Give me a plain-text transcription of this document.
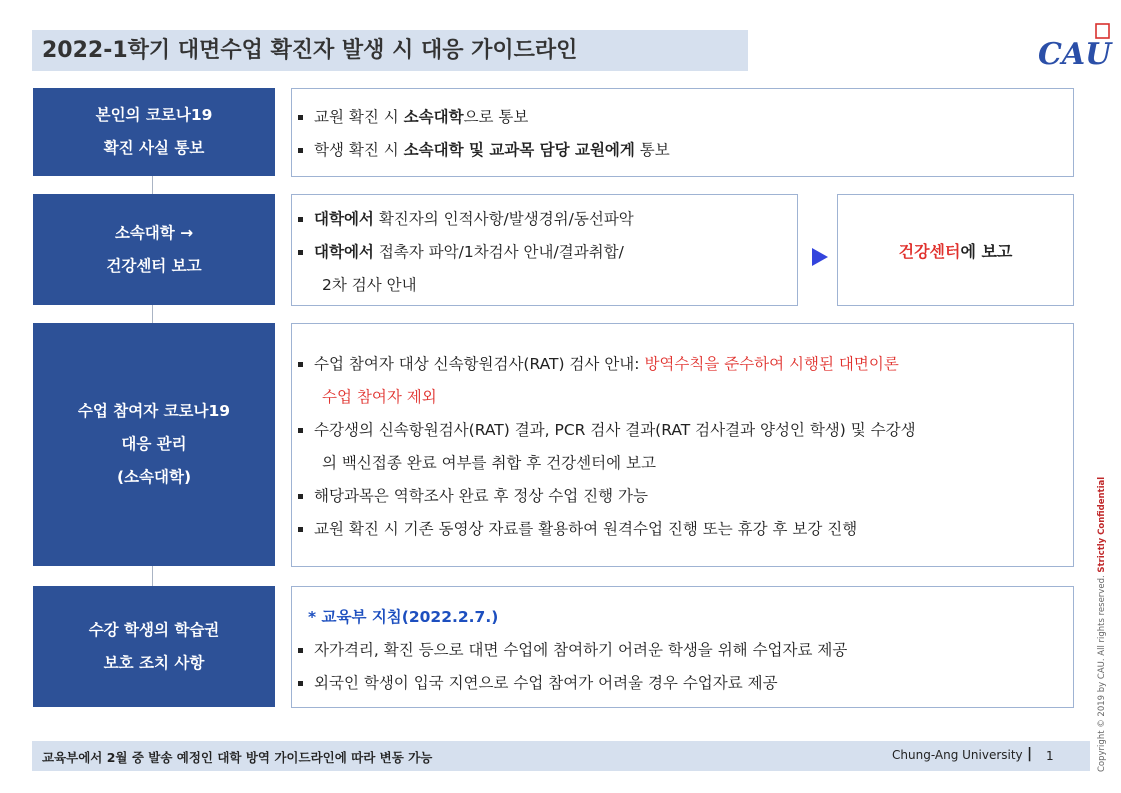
2022-1학기 대면수업 확진자 발생 시 대응 가이드라인	CAU
본인의 코로나19
확진 사실 통보
교원 확진 시 소속대학으로 통보
학생 확진 시 소속대학 및 교과목 담당 교원에게 통보
소속대학 →
건강센터 보고
대학에서 확진자의 인적사항/발생경위/동선파악
대학에서 접촉자 파악/1차검사 안내/결과취합/
2차 검사 안내
건강센터에 보고
수업 참여자 코로나19
대응 관리
(소속대학)
수업 참여자 대상 신속항원검사(RAT) 검사 안내: 방역수칙을 준수하여 시행된 대면이론
수업 참여자 제외
수강생의 신속항원검사(RAT) 결과, PCR 검사 결과(RAT 검사결과 양성인 학생) 및 수강생
의 백신접종 완료 여부를 취합 후 건강센터에 보고
해당과목은 역학조사 완료 후 정상 수업 진행 가능
교원 확진 시 기존 동영상 자료를 활용하여 원격수업 진행 또는 휴강 후 보강 진행
수강 학생의 학습권
보호 조치 사항
* 교육부 지침(2022.2.7.)
자가격리, 확진 등으로 대면 수업에 참여하기 어려운 학생을 위해 수업자료 제공
외국인 학생이 입국 지연으로 수업 참여가 어려울 경우 수업자료 제공
교육부에서 2월 중 발송 예정인 대학 방역 가이드라인에 따라 변동 가능	Chung-Ang University | 1	Copyright © 2019 by CAU. All rights reserved. Strictly Confidential
